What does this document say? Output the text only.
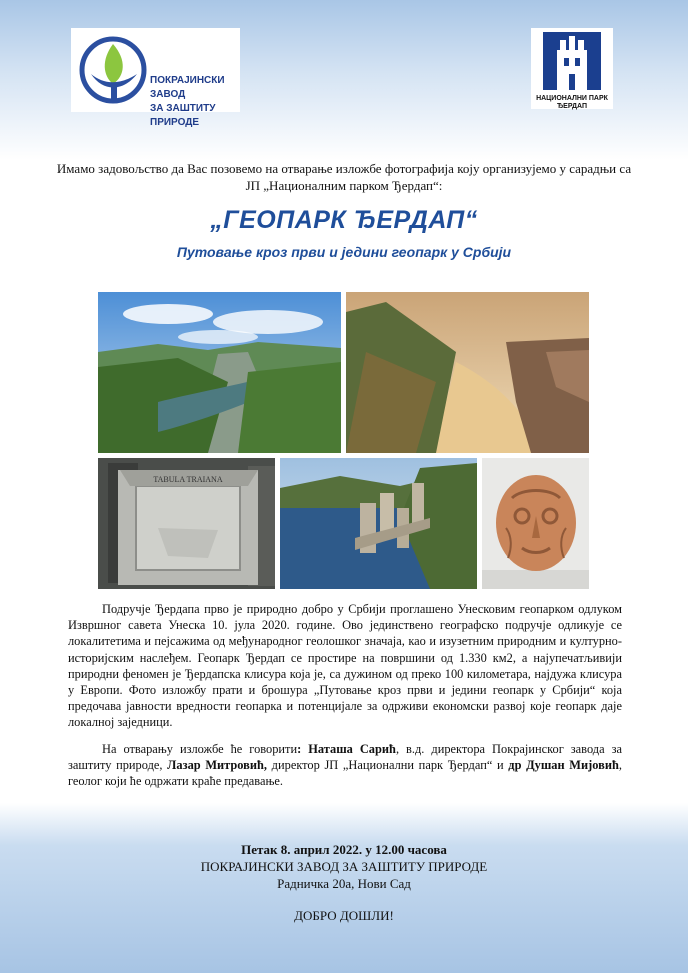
ПОКРАЈИНСКИ ЗАВОД
ЗА ЗАШТИТУ ПРИРОДЕ
НАЦИОНАЛНИ ПАРК
ЂЕРДАП
Имамо задовољство да Вас позовемо на отварање изложбе фотографија коју организујемо у сарадњи са ЈП „Националним парком Ђердап“:
„ГЕОПАРК ЂЕРДАП“
Путовање кроз први и једини геопарк у Србији
TABULA TRAIANA

Подручје Ђердапа прво је природно добро у Србији проглашено Унесковим геопарком одлуком Извршног савета Унеска 10. јула 2020. године. Ово јединствено географско подручје одликује се локалитетима и пејсажима од међународног геолошког значаја, као и изузетним природним и културно-историјским наслеђем. Геопарк Ђердап се простире на површини од 1.330 км2, а најупечатљивији природни феномен је Ђердапска клисура која је, са дужином од преко 100 километара, најдужа клисура у Европи. Фото изложбу прати и брошура „Путовање кроз први и једини геопарк у Србији“ која предочава јавности вредности геопарка и потенцијале за одрживи економски развој које геопарк даје локалној заједници.

На отварању изложбе ће говорити: Наташа Сарић, в.д. директора Покрајинског завода за заштиту природе, Лазар Митровић, директор ЈП „Национални парк Ђердап“ и др Душан Мијовић, геолог који ће одржати краће предавање.

Петак 8. април 2022. у 12.00 часова
ПОКРАЈИНСКИ ЗАВОД ЗА ЗАШТИТУ ПРИРОДЕ
Радничка 20а, Нови Сад
ДОБРО ДОШЛИ!
